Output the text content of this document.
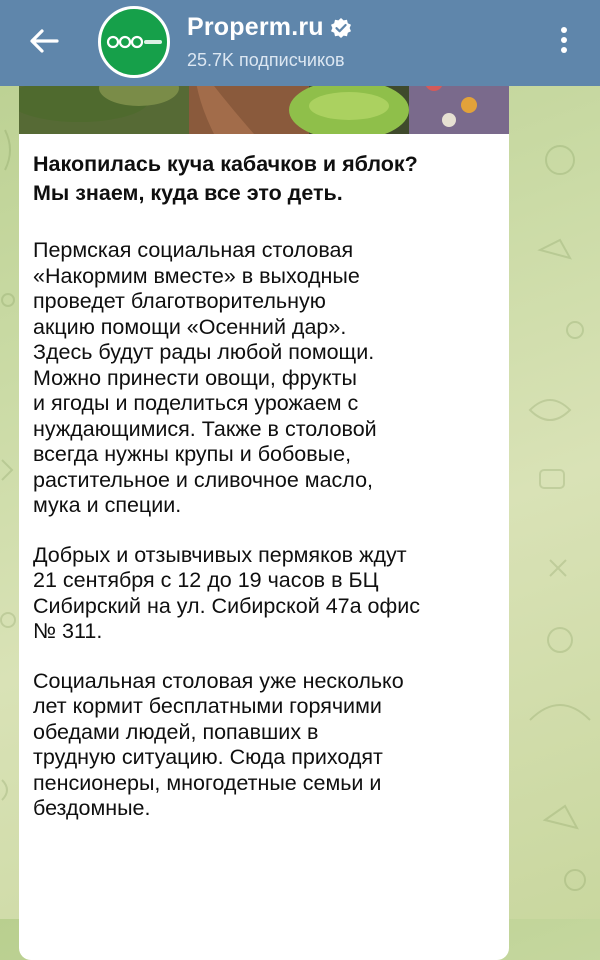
Properm.ru
25.7K подписчиков
Накопилась куча кабачков и яблок?
Мы знаем, куда все это деть.
Пермская социальная столовая
«Накормим вместе» в выходные
проведет благотворительную
акцию помощи «Осенний дар».
Здесь будут рады любой помощи.
Можно принести овощи, фрукты
и ягоды и поделиться урожаем с
нуждающимися. Также в столовой
всегда нужны крупы и бобовые,
растительное и сливочное масло,
мука и специи.
Добрых и отзывчивых пермяков ждут
21 сентября с 12 до 19 часов в БЦ
Сибирский на ул. Сибирской 47а офис
№ 311.
Социальная столовая уже несколько
лет кормит бесплатными горячими
обедами людей, попавших в
трудную ситуацию. Сюда приходят
пенсионеры, многодетные семьи и
бездомные.
